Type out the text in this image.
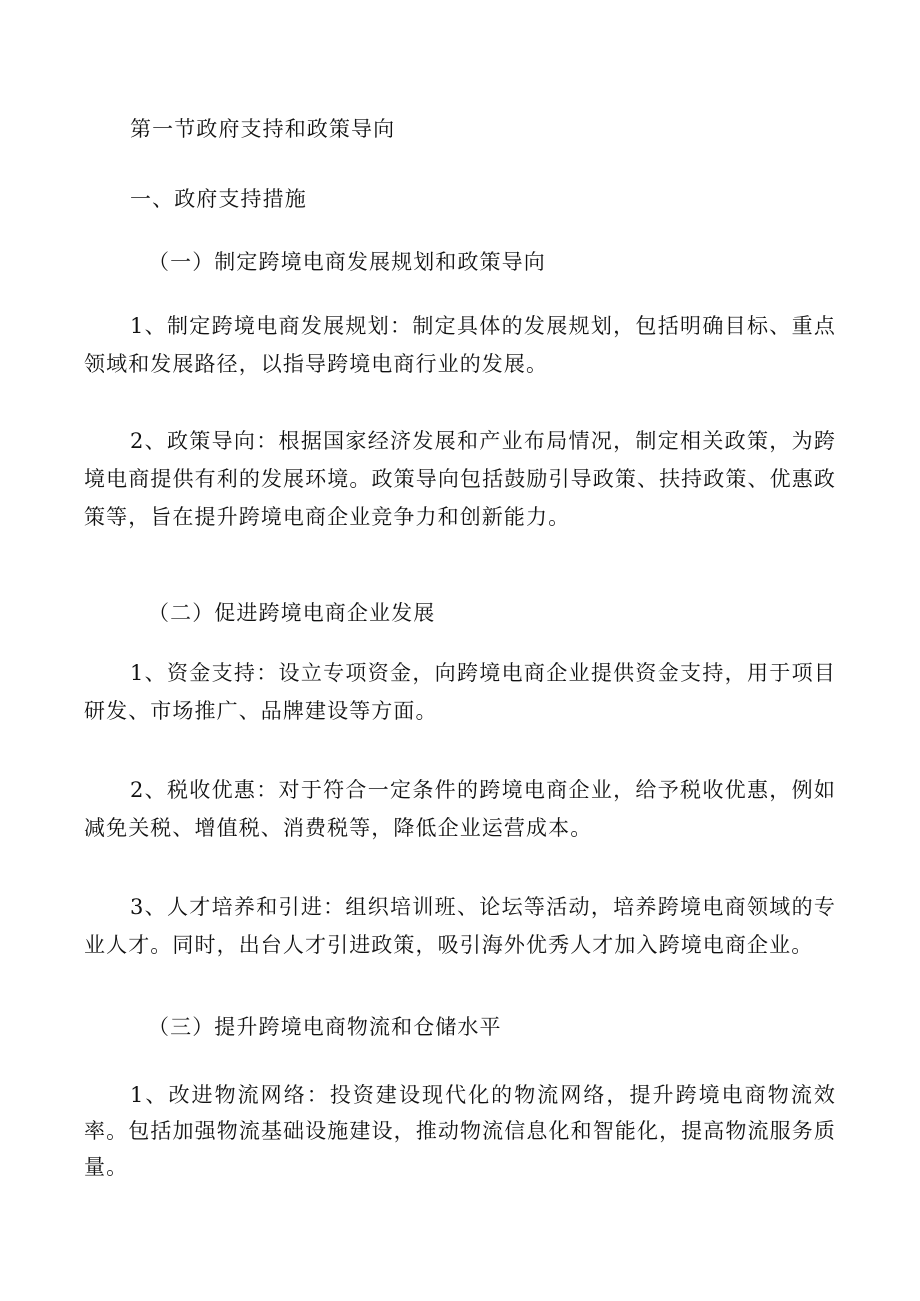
第一节政府支持和政策导向
一、政府支持措施
（一）制定跨境电商发展规划和政策导向
1、制定跨境电商发展规划：制定具体的发展规划，包括明确目标、重点领域和发展路径，以指导跨境电商行业的发展。
2、政策导向：根据国家经济发展和产业布局情况，制定相关政策，为跨境电商提供有利的发展环境。政策导向包括鼓励引导政策、扶持政策、优惠政策等，旨在提升跨境电商企业竞争力和创新能力。
（二）促进跨境电商企业发展
1、资金支持：设立专项资金，向跨境电商企业提供资金支持，用于项目研发、市场推广、品牌建设等方面。
2、税收优惠：对于符合一定条件的跨境电商企业，给予税收优惠，例如减免关税、增值税、消费税等，降低企业运营成本。
3、人才培养和引进：组织培训班、论坛等活动，培养跨境电商领域的专业人才。同时，出台人才引进政策，吸引海外优秀人才加入跨境电商企业。
（三）提升跨境电商物流和仓储水平
1、改进物流网络：投资建设现代化的物流网络，提升跨境电商物流效率。包括加强物流基础设施建设，推动物流信息化和智能化，提高物流服务质量。
